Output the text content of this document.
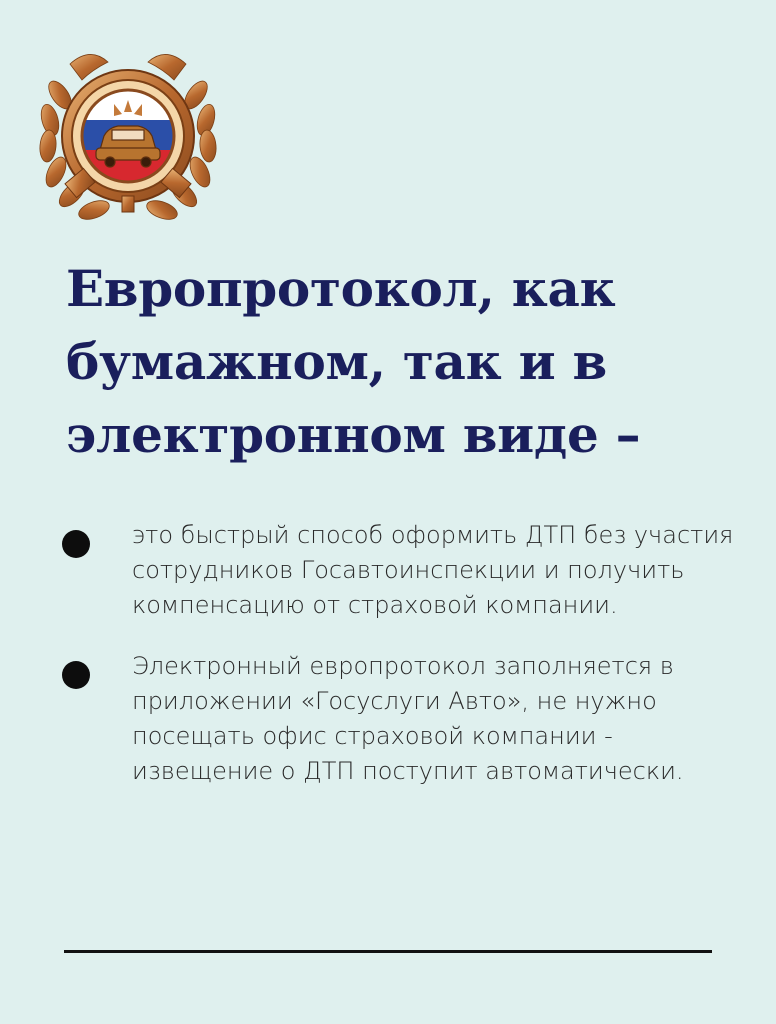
Европротокол, как бумажном, так и в электронном виде –
это быстрый способ оформить ДТП без участия сотрудников Госавтоинспекции и получить компенсацию от страховой компании.
Электронный европротокол заполняется в приложении «Госуслуги Авто», не нужно посещать офис страховой компании - извещение о ДТП поступит автоматически.
